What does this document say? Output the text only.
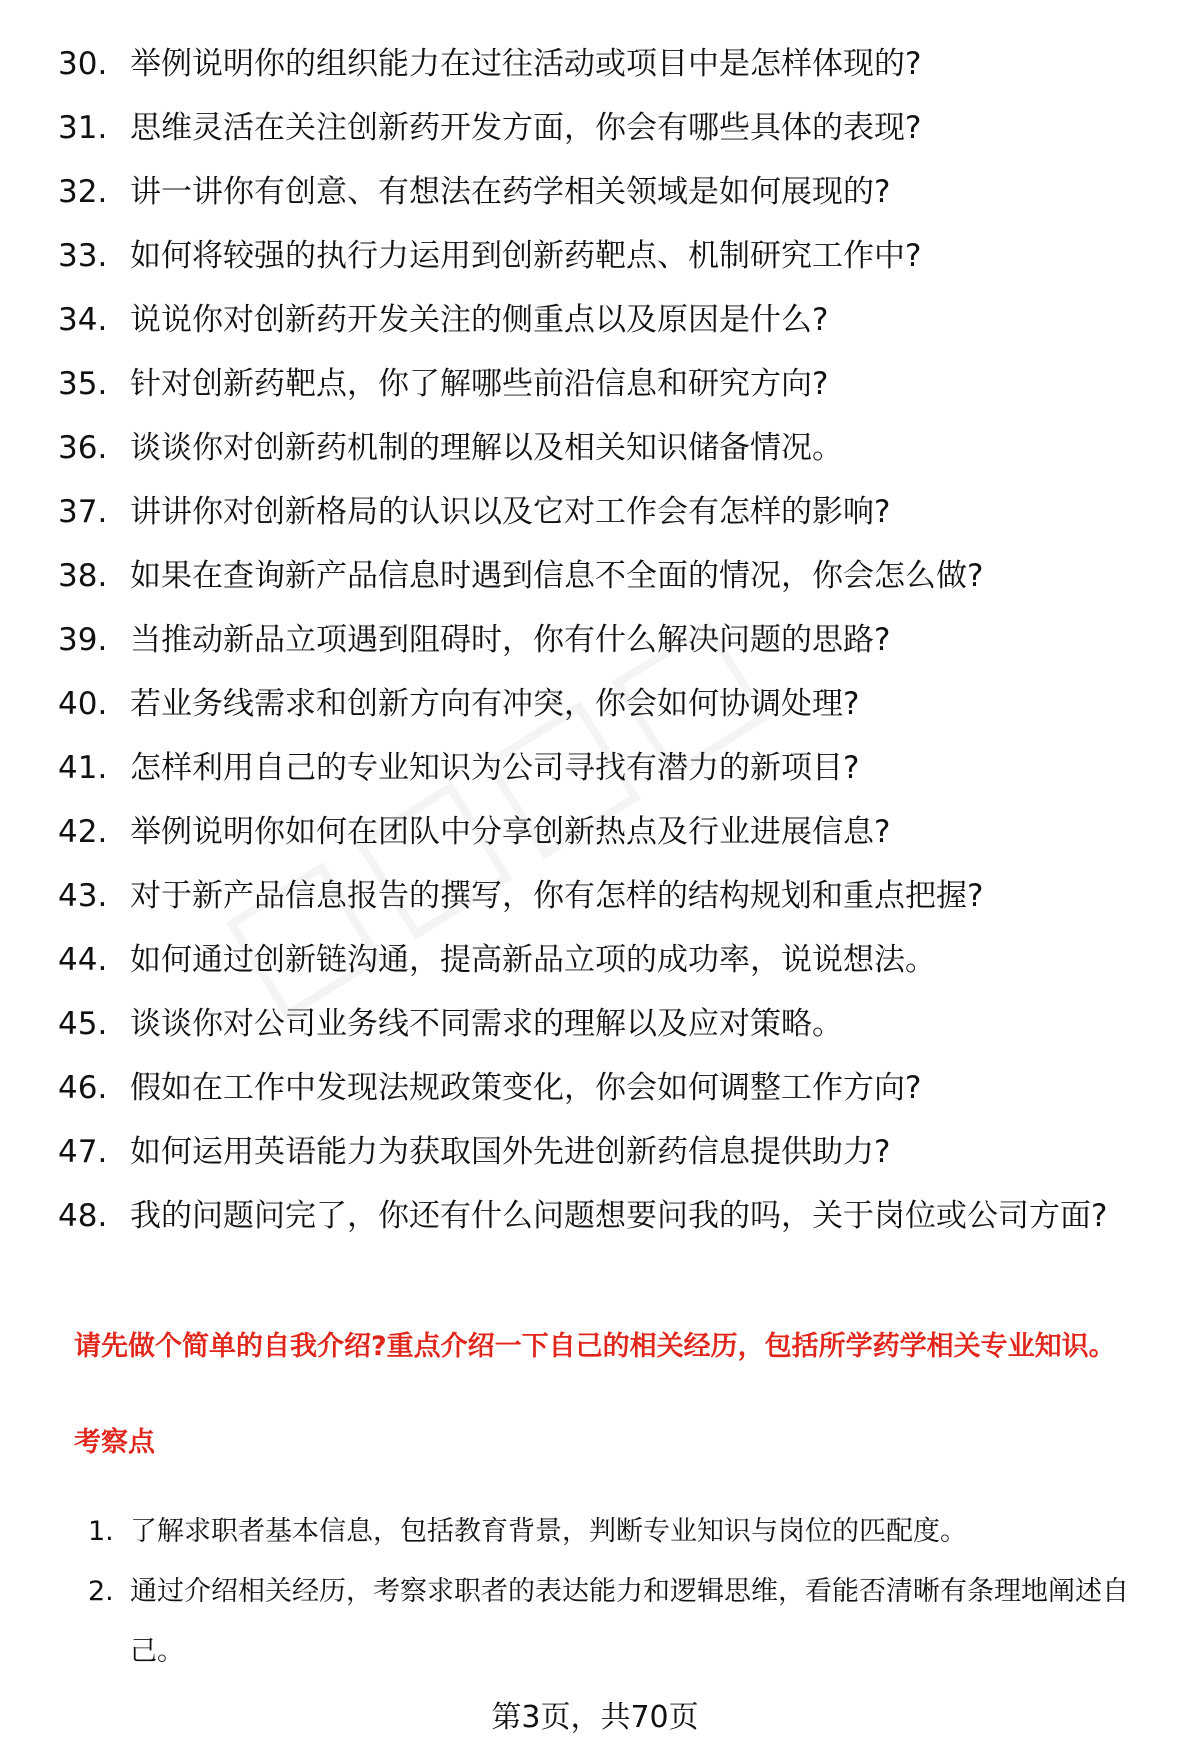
30. 举例说明你的组织能力在过往活动或项目中是怎样体现的?
31. 思维灵活在关注创新药开发方面，你会有哪些具体的表现?
32. 讲一讲你有创意、有想法在药学相关领域是如何展现的?
33. 如何将较强的执行力运用到创新药靶点、机制研究工作中?
34. 说说你对创新药开发关注的侧重点以及原因是什么?
35. 针对创新药靶点，你了解哪些前沿信息和研究方向?
36. 谈谈你对创新药机制的理解以及相关知识储备情况。
37. 讲讲你对创新格局的认识以及它对工作会有怎样的影响?
38. 如果在查询新产品信息时遇到信息不全面的情况，你会怎么做?
39. 当推动新品立项遇到阻碍时，你有什么解决问题的思路?
40. 若业务线需求和创新方向有冲突，你会如何协调处理?
41. 怎样利用自己的专业知识为公司寻找有潜力的新项目?
42. 举例说明你如何在团队中分享创新热点及行业进展信息?
43. 对于新产品信息报告的撰写，你有怎样的结构规划和重点把握?
44. 如何通过创新链沟通，提高新品立项的成功率，说说想法。
45. 谈谈你对公司业务线不同需求的理解以及应对策略。
46. 假如在工作中发现法规政策变化，你会如何调整工作方向?
47. 如何运用英语能力为获取国外先进创新药信息提供助力?
48. 我的问题问完了，你还有什么问题想要问我的吗，关于岗位或公司方面?

请先做个简单的自我介绍?重点介绍一下自己的相关经历，包括所学药学相关专业知识。

考察点

1. 了解求职者基本信息，包括教育背景，判断专业知识与岗位的匹配度。
2. 通过介绍相关经历，考察求职者的表达能力和逻辑思维，看能否清晰有条理地阐述自己。

第3页，共70页
